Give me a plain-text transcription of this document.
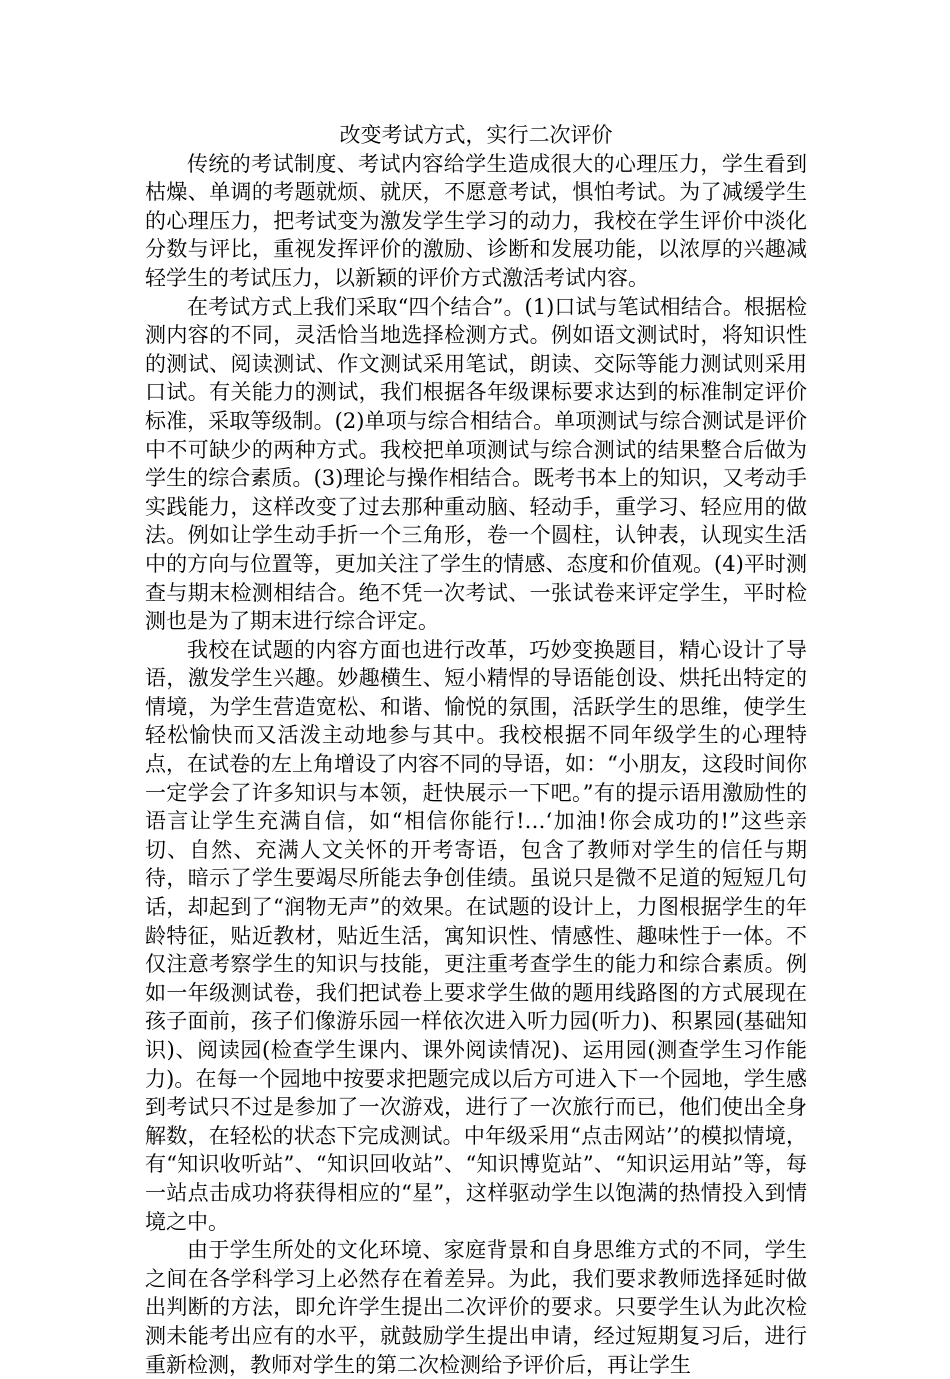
改变考试方式，实行二次评价

传统的考试制度、考试内容给学生造成很大的心理压力，学生看到枯燥、单调的考题就烦、就厌，不愿意考试，惧怕考试。为了减缓学生的心理压力，把考试变为激发学生学习的动力，我校在学生评价中淡化分数与评比，重视发挥评价的激励、诊断和发展功能，以浓厚的兴趣减轻学生的考试压力，以新颖的评价方式激活考试内容。

在考试方式上我们采取“四个结合”。(1)口试与笔试相结合。根据检测内容的不同，灵活恰当地选择检测方式。例如语文测试时，将知识性的测试、阅读测试、作文测试采用笔试，朗读、交际等能力测试则采用口试。有关能力的测试，我们根据各年级课标要求达到的标准制定评价标准，采取等级制。(2)单项与综合相结合。单项测试与综合测试是评价中不可缺少的两种方式。我校把单项测试与综合测试的结果整合后做为学生的综合素质。(3)理论与操作相结合。既考书本上的知识，又考动手实践能力，这样改变了过去那种重动脑、轻动手，重学习、轻应用的做法。例如让学生动手折一个三角形，卷一个圆柱，认钟表，认现实生活中的方向与位置等，更加关注了学生的情感、态度和价值观。(4)平时测查与期末检测相结合。绝不凭一次考试、一张试卷来评定学生，平时检测也是为了期末进行综合评定。

我校在试题的内容方面也进行改革，巧妙变换题目，精心设计了导语，激发学生兴趣。妙趣横生、短小精悍的导语能创设、烘托出特定的情境，为学生营造宽松、和谐、愉悦的氛围，活跃学生的思维，使学生轻松愉快而又活泼主动地参与其中。我校根据不同年级学生的心理特点，在试卷的左上角增设了内容不同的导语，如：“小朋友，这段时间你一定学会了许多知识与本领，赶快展示一下吧。”有的提示语用激励性的语言让学生充满自信，如“相信你能行!…‘加油!你会成功的!”这些亲切、自然、充满人文关怀的开考寄语，包含了教师对学生的信任与期待，暗示了学生要竭尽所能去争创佳绩。虽说只是微不足道的短短几句话，却起到了“润物无声”的效果。在试题的设计上，力图根据学生的年龄特征，贴近教材，贴近生活，寓知识性、情感性、趣味性于一体。不仅注意考察学生的知识与技能，更注重考查学生的能力和综合素质。例如一年级测试卷，我们把试卷上要求学生做的题用线路图的方式展现在孩子面前，孩子们像游乐园一样依次进入听力园(听力)、积累园(基础知识)、阅读园(检查学生课内、课外阅读情况)、运用园(测查学生习作能力)。在每一个园地中按要求把题完成以后方可进入下一个园地，学生感到考试只不过是参加了一次游戏，进行了一次旅行而已，他们使出全身解数，在轻松的状态下完成测试。中年级采用“点击网站’’的模拟情境，有“知识收听站”、“知识回收站”、“知识博览站”、“知识运用站”等，每一站点击成功将获得相应的“星”，这样驱动学生以饱满的热情投入到情境之中。

由于学生所处的文化环境、家庭背景和自身思维方式的不同，学生之间在各学科学习上必然存在着差异。为此，我们要求教师选择延时做出判断的方法，即允许学生提出二次评价的要求。只要学生认为此次检测未能考出应有的水平，就鼓励学生提出申请，经过短期复习后，进行重新检测，教师对学生的第二次检测给予评价后，再让学生
